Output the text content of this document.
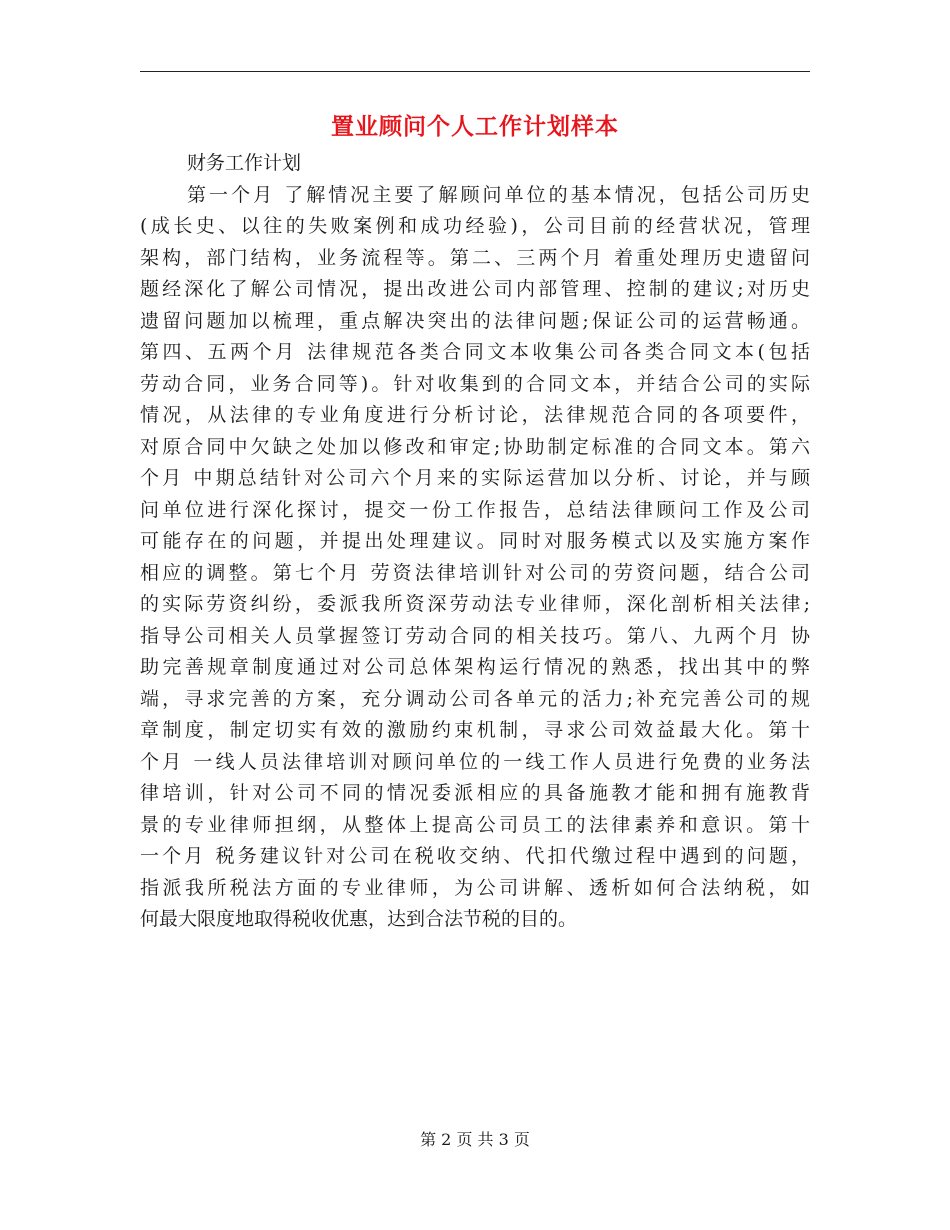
置业顾问个人工作计划样本
财务工作计划
第一个月 了解情况主要了解顾问单位的基本情况，包括公司历史
(成长史、以往的失败案例和成功经验)，公司目前的经营状况，管理
架构，部门结构，业务流程等。第二、三两个月 着重处理历史遗留问
题经深化了解公司情况，提出改进公司内部管理、控制的建议;对历史
遗留问题加以梳理，重点解决突出的法律问题;保证公司的运营畅通。
第四、五两个月 法律规范各类合同文本收集公司各类合同文本(包括
劳动合同，业务合同等)。针对收集到的合同文本，并结合公司的实际
情况，从法律的专业角度进行分析讨论，法律规范合同的各项要件，
对原合同中欠缺之处加以修改和审定;协助制定标准的合同文本。第六
个月 中期总结针对公司六个月来的实际运营加以分析、讨论，并与顾
问单位进行深化探讨，提交一份工作报告，总结法律顾问工作及公司
可能存在的问题，并提出处理建议。同时对服务模式以及实施方案作
相应的调整。第七个月 劳资法律培训针对公司的劳资问题，结合公司
的实际劳资纠纷，委派我所资深劳动法专业律师，深化剖析相关法律;
指导公司相关人员掌握签订劳动合同的相关技巧。第八、九两个月 协
助完善规章制度通过对公司总体架构运行情况的熟悉，找出其中的弊
端，寻求完善的方案，充分调动公司各单元的活力;补充完善公司的规
章制度，制定切实有效的激励约束机制，寻求公司效益最大化。第十
个月 一线人员法律培训对顾问单位的一线工作人员进行免费的业务法
律培训，针对公司不同的情况委派相应的具备施教才能和拥有施教背
景的专业律师担纲，从整体上提高公司员工的法律素养和意识。第十
一个月 税务建议针对公司在税收交纳、代扣代缴过程中遇到的问题，
指派我所税法方面的专业律师，为公司讲解、透析如何合法纳税，如
何最大限度地取得税收优惠，达到合法节税的目的。
第 2 页 共 3 页
